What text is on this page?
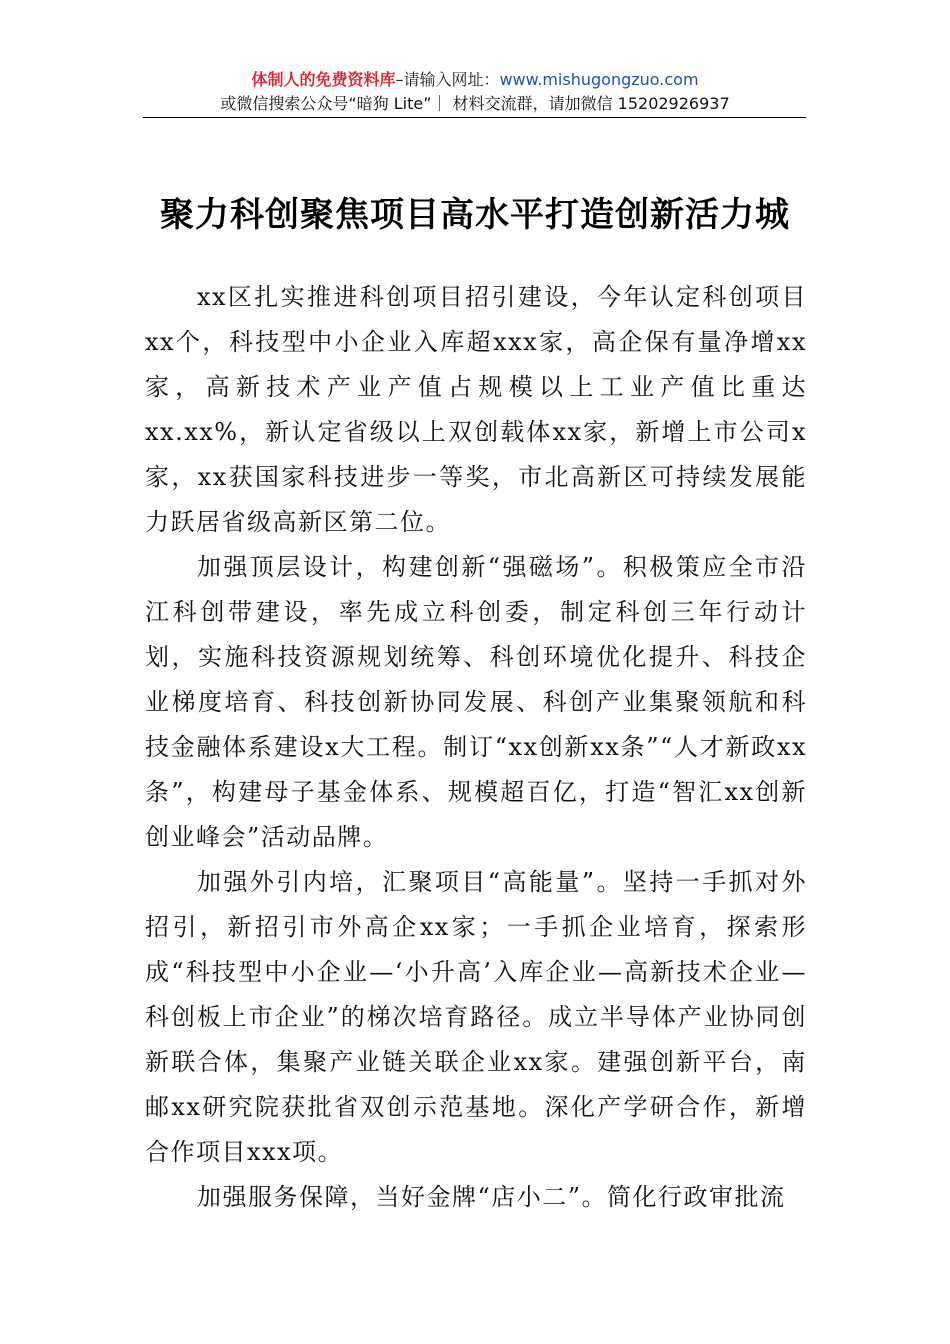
体制人的免费资料库–请输入网址：www.mishugongzuo.com
或微信搜索公众号“暗狗 Lite”｜ 材料交流群，请加微信 15202926937
聚力科创聚焦项目高水平打造创新活力城

xx区扎实推进科创项目招引建设，今年认定科创项目xx个，科技型中小企业入库超xxx家，高企保有量净增xx家，高新技术产业产值占规模以上工业产值比重达xx.xx%，新认定省级以上双创载体xx家，新增上市公司x家，xx获国家科技进步一等奖，市北高新区可持续发展能力跃居省级高新区第二位。

加强顶层设计，构建创新“强磁场”。积极策应全市沿江科创带建设，率先成立科创委，制定科创三年行动计划，实施科技资源规划统筹、科创环境优化提升、科技企业梯度培育、科技创新协同发展、科创产业集聚领航和科技金融体系建设x大工程。制订“xx创新xx条”“人才新政xx条”，构建母子基金体系、规模超百亿，打造“智汇xx创新创业峰会”活动品牌。

加强外引内培，汇聚项目“高能量”。坚持一手抓对外招引，新招引市外高企xx家；一手抓企业培育，探索形成“科技型中小企业—‘小升高’入库企业—高新技术企业—科创板上市企业”的梯次培育路径。成立半导体产业协同创新联合体，集聚产业链关联企业xx家。建强创新平台，南邮xx研究院获批省双创示范基地。深化产学研合作，新增合作项目xxx项。

加强服务保障，当好金牌“店小二”。简化行政审批流
